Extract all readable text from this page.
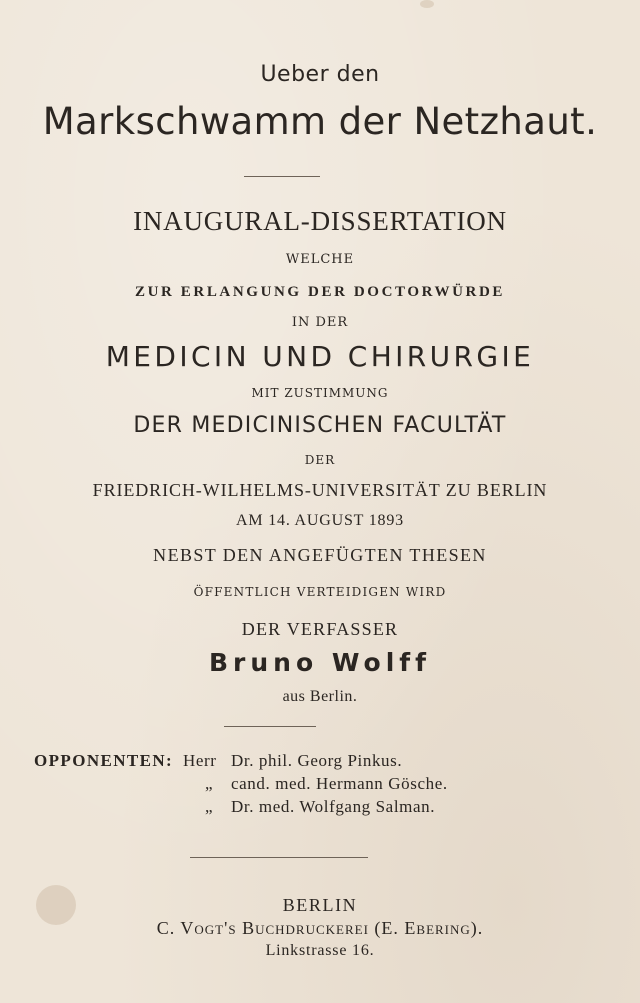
Ueber den
Markschwamm der Netzhaut.
INAUGURAL-DISSERTATION
WELCHE
ZUR ERLANGUNG DER DOCTORWÜRDE
IN DER
MEDICIN UND CHIRURGIE
MIT ZUSTIMMUNG
DER MEDICINISCHEN FACULTÄT
DER
FRIEDRICH-WILHELMS-UNIVERSITÄT ZU BERLIN
AM 14. AUGUST 1893
NEBST DEN ANGEFÜGTEN THESEN
ÖFFENTLICH VERTEIDIGEN WIRD
DER VERFASSER
Bruno Wolff
aus Berlin.
OPPONENTEN: Herr
„
„
Dr. phil. Georg Pinkus.
cand. med. Hermann Gösche.
Dr. med. Wolfgang Salman.
BERLIN
C. Vogt's Buchdruckerei (E. Ebering).
Linkstrasse 16.
